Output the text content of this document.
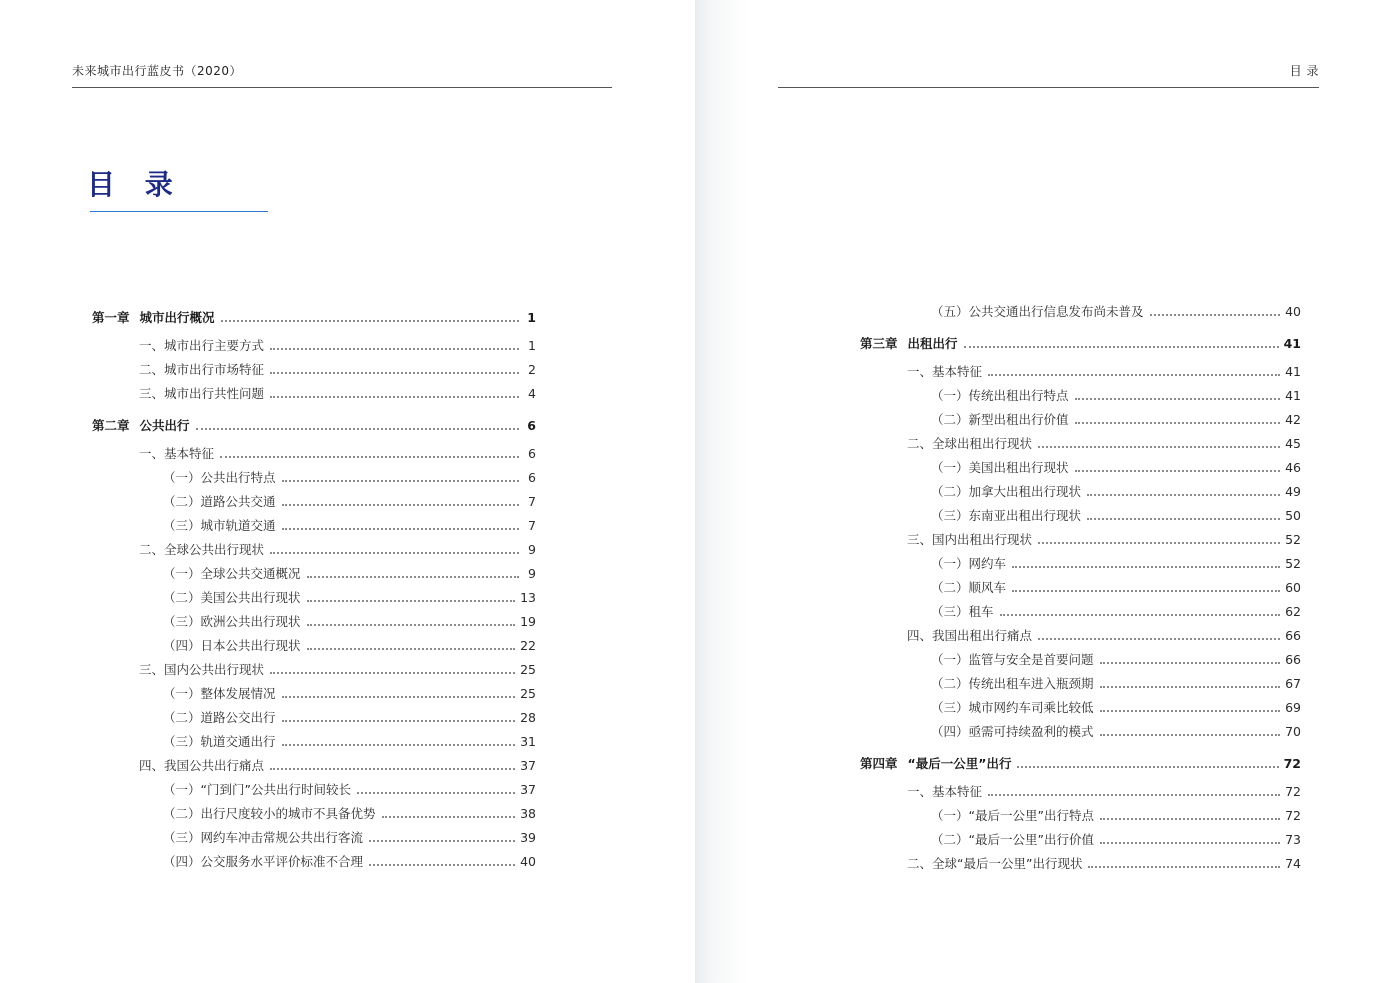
未来城市出行蓝皮书（2020）
目 录
第一章 城市出行概况	1
一、城市出行主要方式	1
二、城市出行市场特征	2
三、城市出行共性问题	4
第二章 公共出行	6
一、基本特征	6
（一）公共出行特点	6
（二）道路公共交通	7
（三）城市轨道交通	7
二、全球公共出行现状	9
（一）全球公共交通概况	9
（二）美国公共出行现状	13
（三）欧洲公共出行现状	19
（四）日本公共出行现状	22
三、国内公共出行现状	25
（一）整体发展情况	25
（二）道路公交出行	28
（三）轨道交通出行	31
四、我国公共出行痛点	37
（一）“门到门”公共出行时间较长	37
（二）出行尺度较小的城市不具备优势	38
（三）网约车冲击常规公共出行客流	39
（四）公交服务水平评价标准不合理	40
目 录
（五）公共交通出行信息发布尚未普及	40
第三章 出租出行	41
一、基本特征	41
（一）传统出租出行特点	41
（二）新型出租出行价值	42
二、全球出租出行现状	45
（一）美国出租出行现状	46
（二）加拿大出租出行现状	49
（三）东南亚出租出行现状	50
三、国内出租出行现状	52
（一）网约车	52
（二）顺风车	60
（三）租车	62
四、我国出租出行痛点	66
（一）监管与安全是首要问题	66
（二）传统出租车进入瓶颈期	67
（三）城市网约车司乘比较低	69
（四）亟需可持续盈利的模式	70
第四章 “最后一公里”出行	72
一、基本特征	72
（一）“最后一公里”出行特点	72
（二）“最后一公里”出行价值	73
二、全球“最后一公里”出行现状	74
